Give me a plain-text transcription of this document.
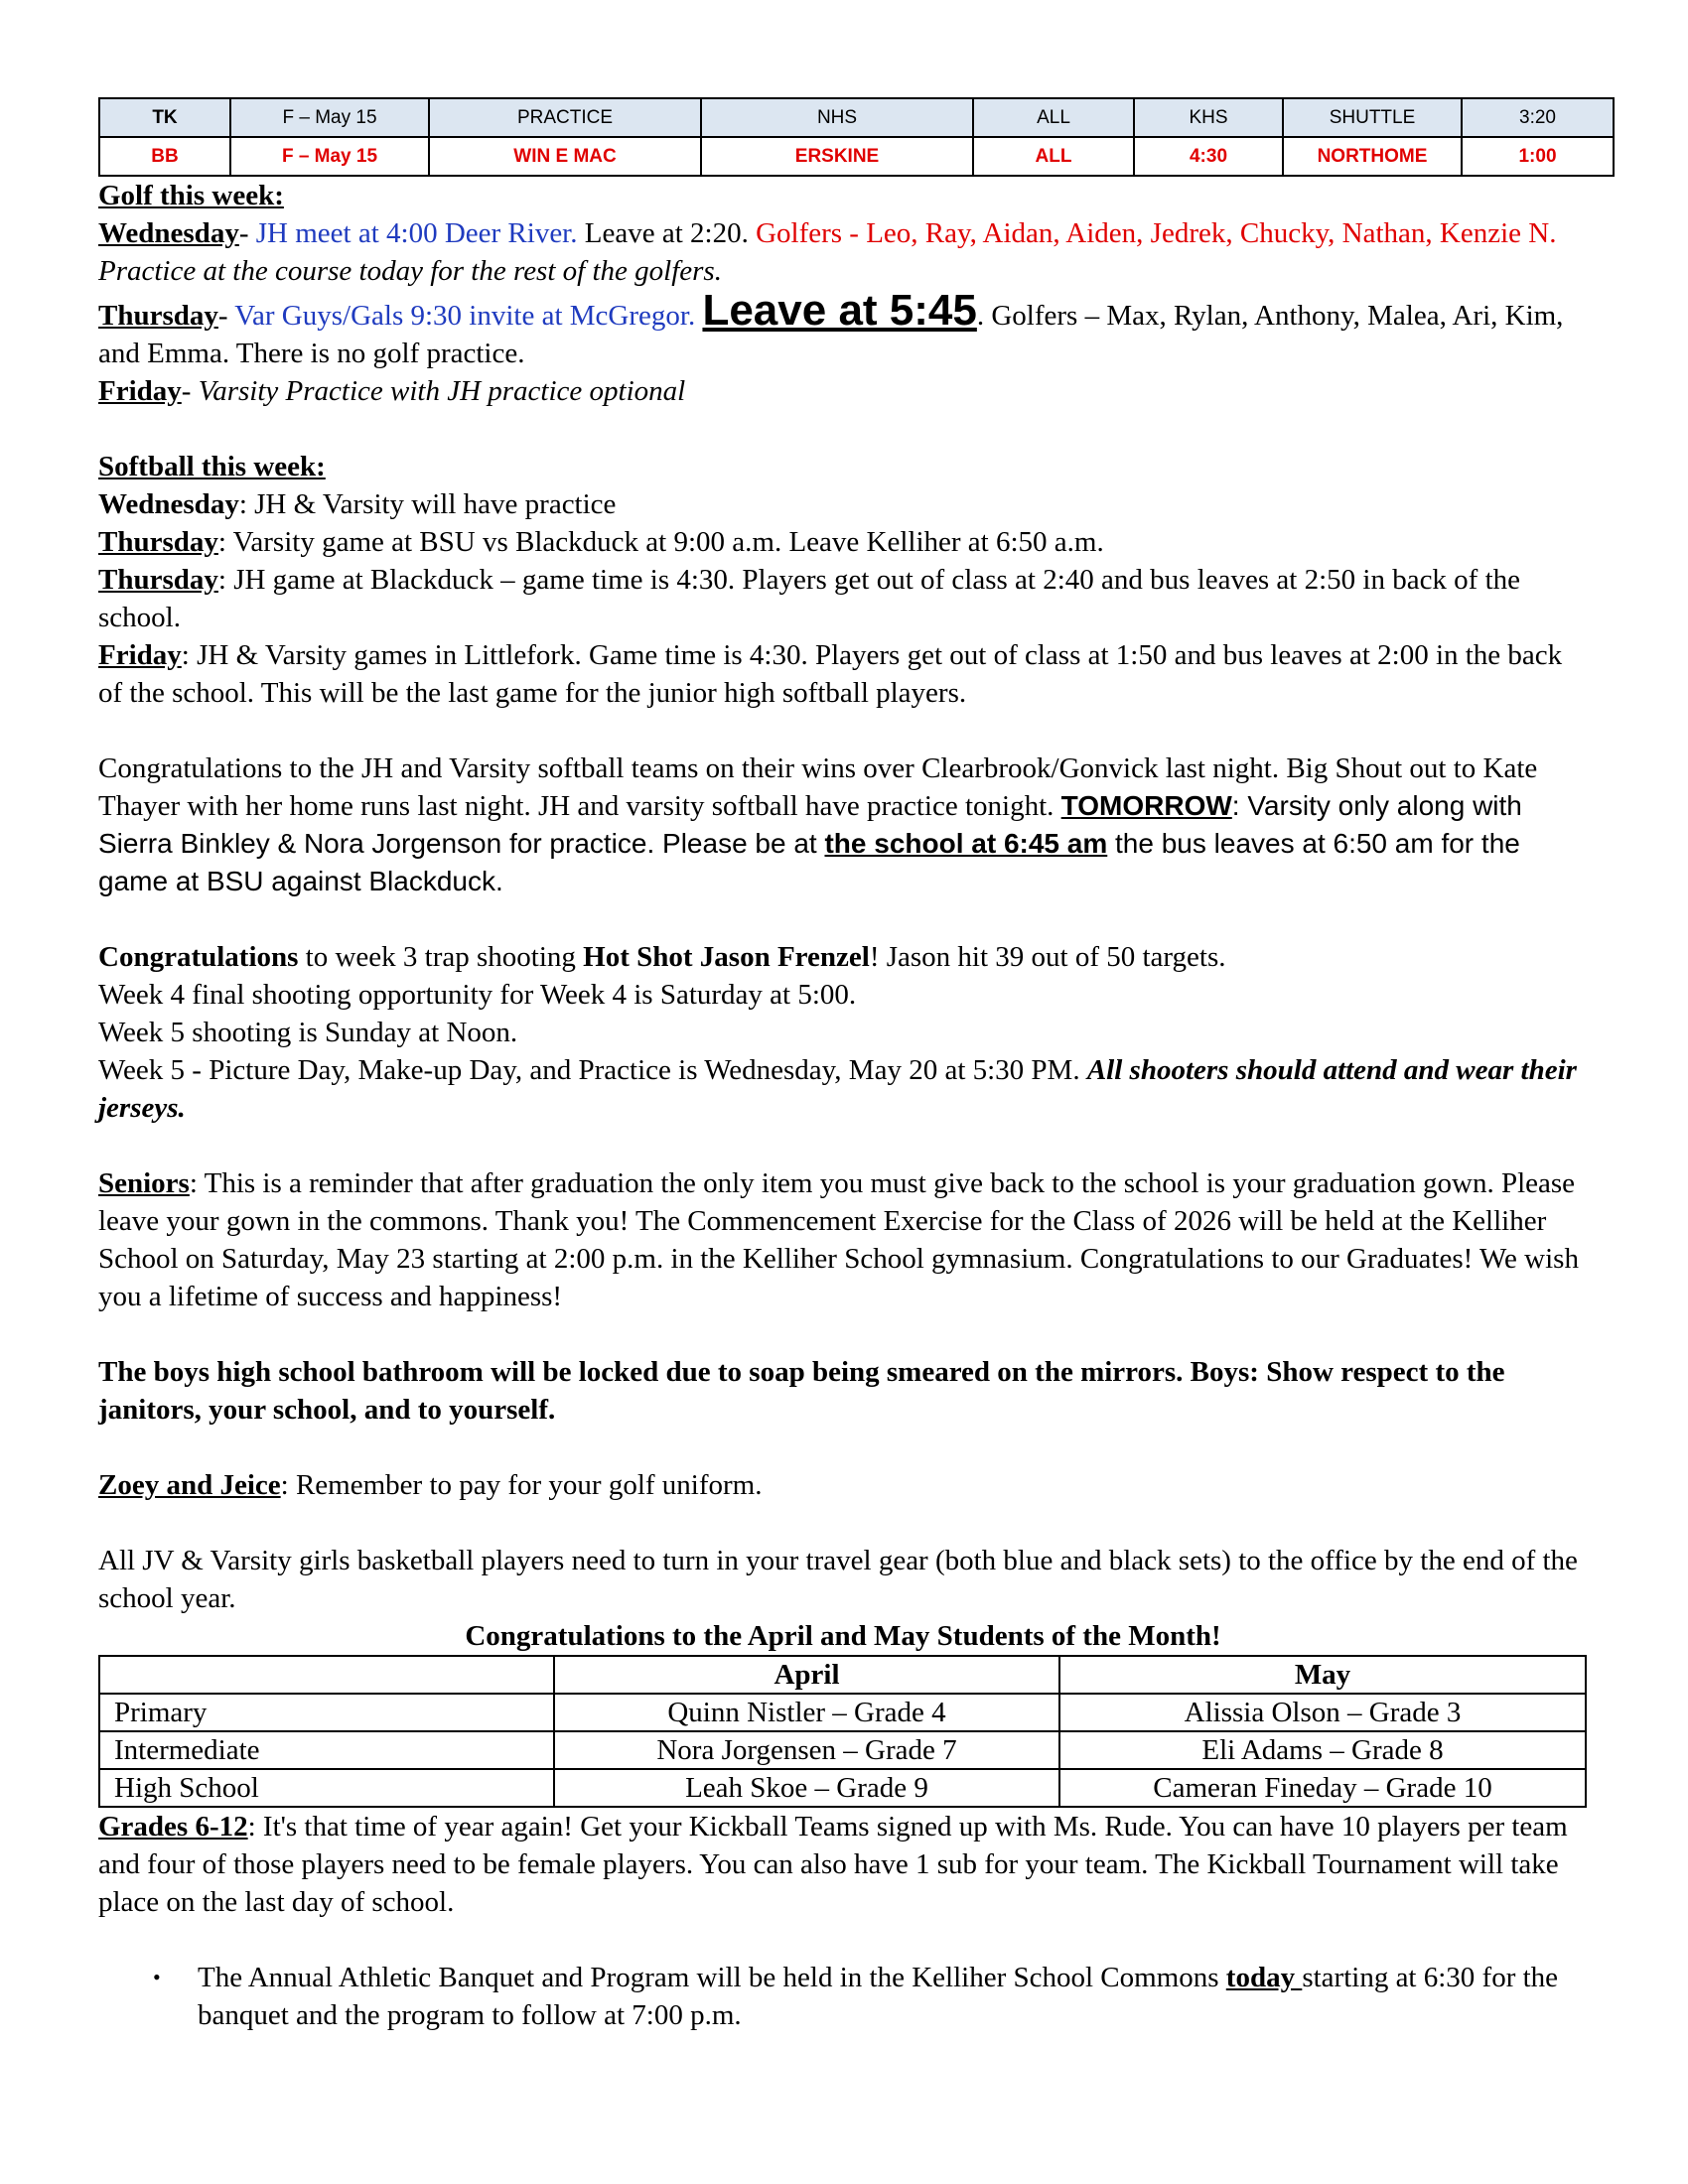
TK	F – May 15	PRACTICE	NHS	ALL	KHS	SHUTTLE	3:20
BB	F – May 15	WIN E MAC	ERSKINE	ALL	4:30	NORTHOME	1:00
Golf this week:
Wednesday- JH meet at 4:00 Deer River. Leave at 2:20. Golfers - Leo, Ray, Aidan, Aiden, Jedrek, Chucky, Nathan, Kenzie N. Practice at the course today for the rest of the golfers.
Thursday- Var Guys/Gals 9:30 invite at McGregor. Leave at 5:45. Golfers – Max, Rylan, Anthony, Malea, Ari, Kim, and Emma. There is no golf practice.
Friday- Varsity Practice with JH practice optional
Softball this week:
Wednesday: JH & Varsity will have practice
Thursday: Varsity game at BSU vs Blackduck at 9:00 a.m. Leave Kelliher at 6:50 a.m.
Thursday: JH game at Blackduck – game time is 4:30. Players get out of class at 2:40 and bus leaves at 2:50 in back of the school.
Friday: JH & Varsity games in Littlefork. Game time is 4:30. Players get out of class at 1:50 and bus leaves at 2:00 in the back of the school. This will be the last game for the junior high softball players.
Congratulations to the JH and Varsity softball teams on their wins over Clearbrook/Gonvick last night. Big Shout out to Kate Thayer with her home runs last night. JH and varsity softball have practice tonight. TOMORROW: Varsity only along with Sierra Binkley & Nora Jorgenson for practice. Please be at the school at 6:45 am the bus leaves at 6:50 am for the game at BSU against Blackduck.
Congratulations to week 3 trap shooting Hot Shot Jason Frenzel! Jason hit 39 out of 50 targets.
Week 4 final shooting opportunity for Week 4 is Saturday at 5:00.
Week 5 shooting is Sunday at Noon.
Week 5 - Picture Day, Make-up Day, and Practice is Wednesday, May 20 at 5:30 PM. All shooters should attend and wear their jerseys.
Seniors: This is a reminder that after graduation the only item you must give back to the school is your graduation gown. Please leave your gown in the commons. Thank you! The Commencement Exercise for the Class of 2026 will be held at the Kelliher School on Saturday, May 23 starting at 2:00 p.m. in the Kelliher School gymnasium. Congratulations to our Graduates! We wish you a lifetime of success and happiness!
The boys high school bathroom will be locked due to soap being smeared on the mirrors. Boys: Show respect to the janitors, your school, and to yourself.
Zoey and Jeice: Remember to pay for your golf uniform.
All JV & Varsity girls basketball players need to turn in your travel gear (both blue and black sets) to the office by the end of the school year.
Congratulations to the April and May Students of the Month!
	April	May
Primary	Quinn Nistler – Grade 4	Alissia Olson – Grade 3
Intermediate	Nora Jorgensen – Grade 7	Eli Adams – Grade 8
High School	Leah Skoe – Grade 9	Cameran Fineday – Grade 10
Grades 6-12: It's that time of year again! Get your Kickball Teams signed up with Ms. Rude. You can have 10 players per team and four of those players need to be female players. You can also have 1 sub for your team. The Kickball Tournament will take place on the last day of school.
• The Annual Athletic Banquet and Program will be held in the Kelliher School Commons today starting at 6:30 for the banquet and the program to follow at 7:00 p.m.
